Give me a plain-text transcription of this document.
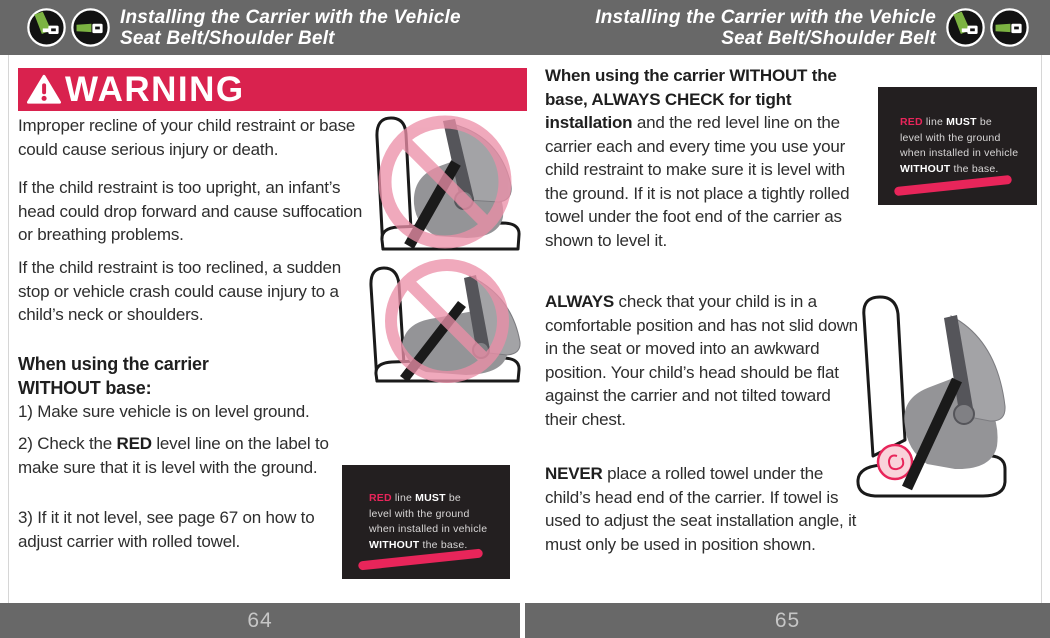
Installing the Carrier with the Vehicle
Seat Belt/Shoulder Belt
Installing the Carrier with the Vehicle
Seat Belt/Shoulder Belt
WARNING

Improper recline of your child restraint or base could cause serious injury or death.

If the child restraint is too upright, an infant’s head could drop forward and cause suffocation or breathing problems.

If the child restraint is too reclined, a sudden stop or vehicle crash could cause injury to a child’s neck or shoulders.

When using the carrier
WITHOUT base:

1) Make sure vehicle is on level ground.

2) Check the RED level line on the label to make sure that it is level with the ground.

3) If it it not level, see page 67 on how to adjust carrier with rolled towel.

RED line MUST be
level with the ground
when installed in vehicle
WITHOUT the base.

When using the carrier WITHOUT the base, ALWAYS CHECK for tight installation and the red level line on the carrier each and every time you use your child restraint to make sure it is level with the ground. If it is not place a tightly rolled towel under the foot end of the carrier as shown to level it.

ALWAYS check that your child is in a comfortable position and has not slid down in the seat or moved into an awkward position. Your child’s head should be flat against the carrier and not tilted toward their chest.

NEVER place a rolled towel under the child’s head end of the carrier. If towel is used to adjust the seat installation angle, it must only be used in position shown.

RED line MUST be
level with the ground
when installed in vehicle
WITHOUT the base.

64	65
